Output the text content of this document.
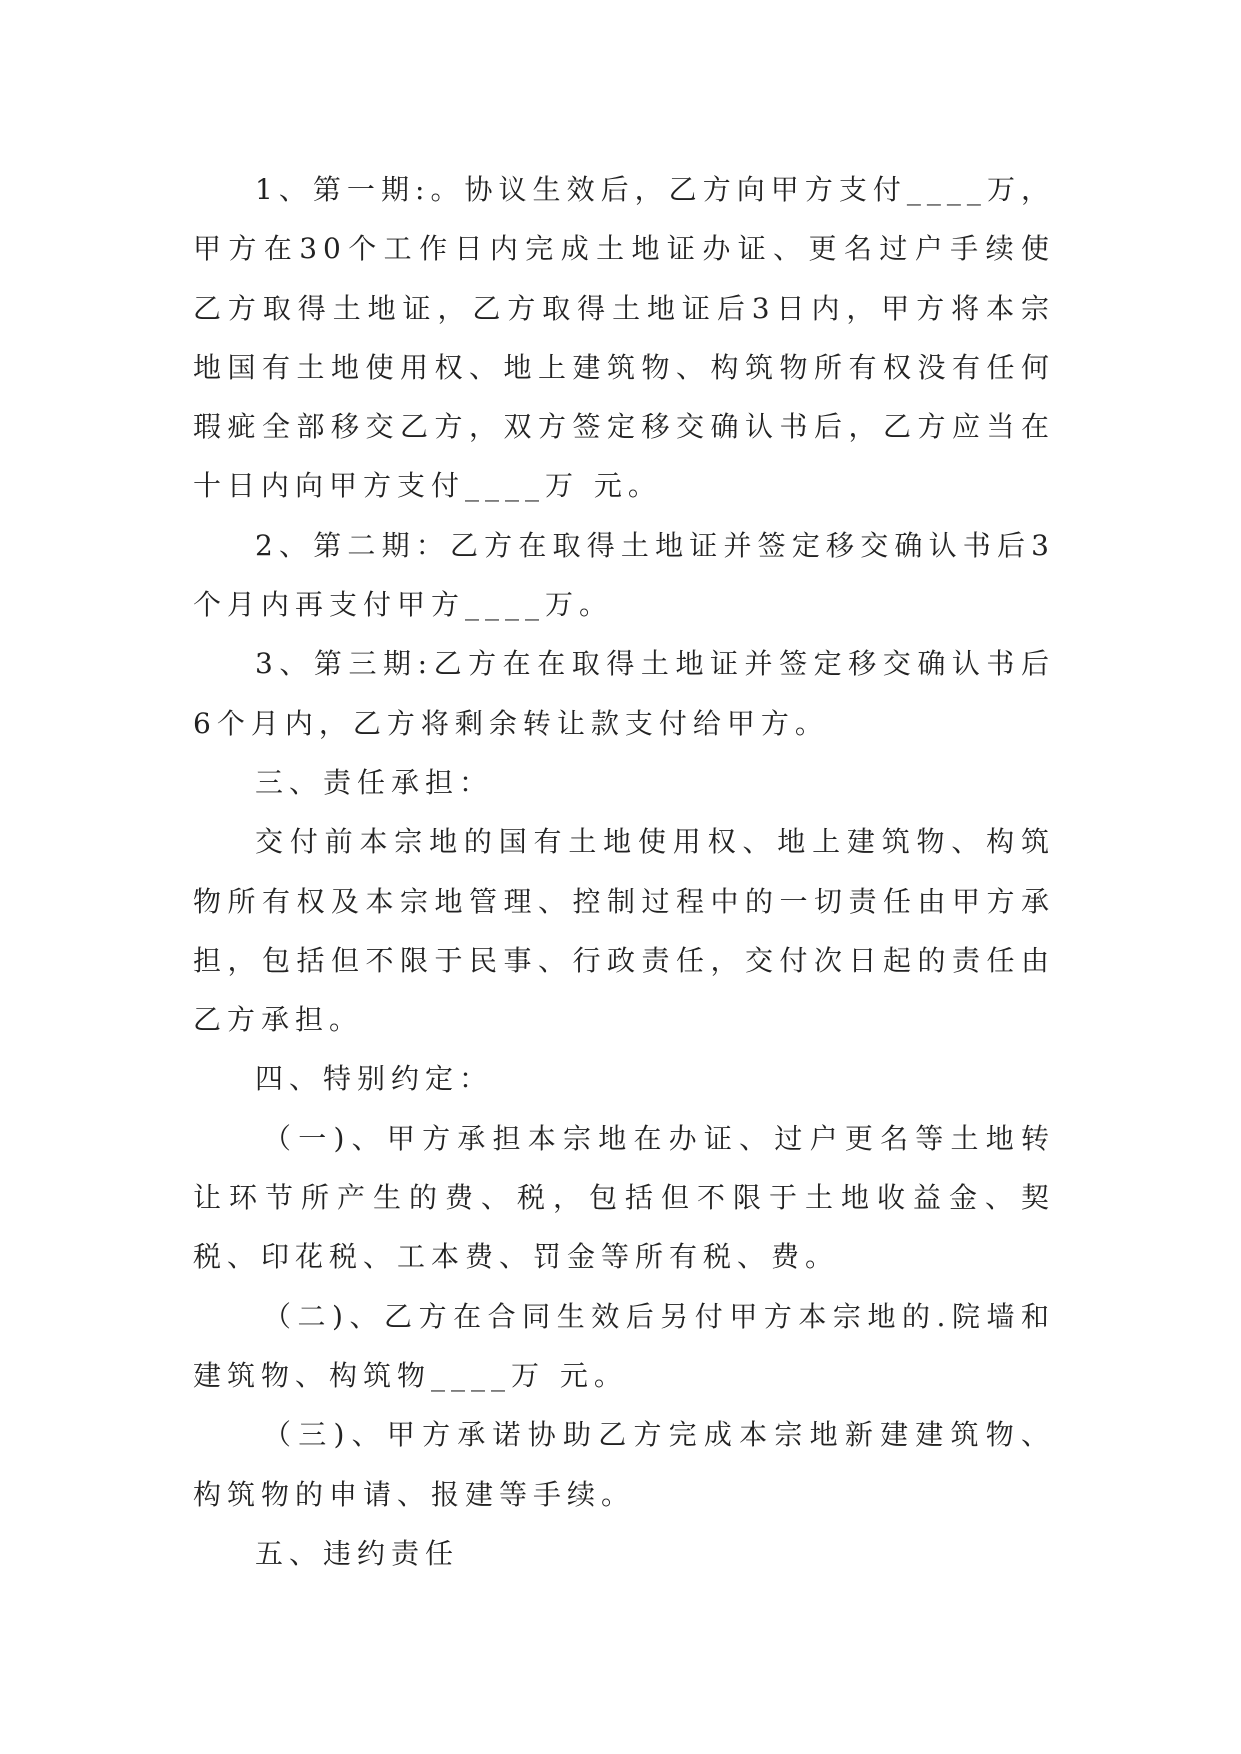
1、第一期:。协议生效后，乙方向甲方支付____万，甲方在30个工作日内完成土地证办证、更名过户手续使乙方取得土地证，乙方取得土地证后3日内，甲方将本宗地国有土地使用权、地上建筑物、构筑物所有权没有任何瑕疵全部移交乙方，双方签定移交确认书后，乙方应当在十日内向甲方支付____万 元。

2、第二期：乙方在取得土地证并签定移交确认书后3个月内再支付甲方____万。

3、第三期:乙方在在取得土地证并签定移交确认书后6个月内，乙方将剩余转让款支付给甲方。

三、责任承担：

交付前本宗地的国有土地使用权、地上建筑物、构筑物所有权及本宗地管理、控制过程中的一切责任由甲方承担，包括但不限于民事、行政责任，交付次日起的责任由乙方承担。

四、特别约定：

（一)、甲方承担本宗地在办证、过户更名等土地转让环节所产生的费、税，包括但不限于土地收益金、契税、印花税、工本费、罚金等所有税、费。

（二)、乙方在合同生效后另付甲方本宗地的.院墙和建筑物、构筑物____万 元。

（三)、甲方承诺协助乙方完成本宗地新建建筑物、构筑物的申请、报建等手续。

五、违约责任
